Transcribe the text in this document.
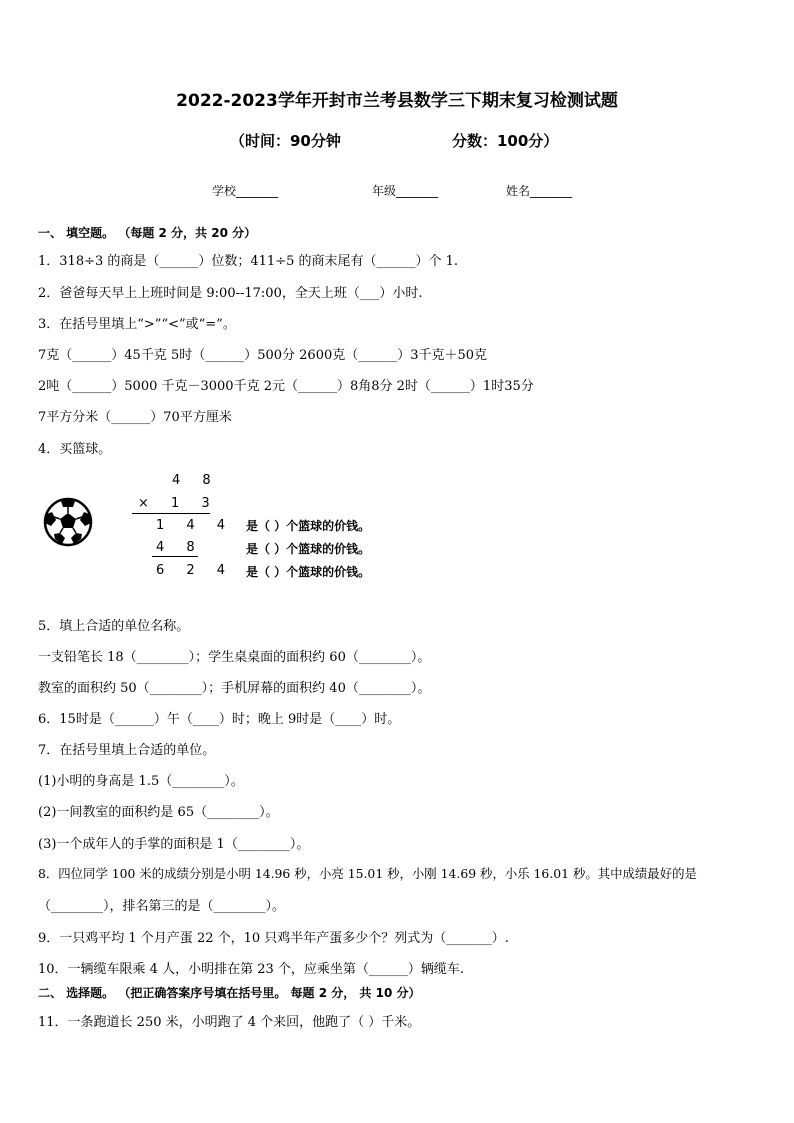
2022-2023学年开封市兰考县数学三下期末复习检测试题
（时间：90分钟	分数：100分）
学校_______	年级_______	姓名_______
一、 填空题。 （每题 2 分，共 20 分）
1．318÷3 的商是（______）位数；411÷5 的商末尾有（______）个 1.
2．爸爸每天早上上班时间是 9:00--17:00，全天上班（___）小时.
3．在括号里填上“>”“<”或“=”。
7克（______）45千克 5时（______）500分 2600克（______）3千克＋50克
2吨（______）5000 千克－3000千克 2元（______）8角8分 2时（______）1时35分
7平方分米（______）70平方厘米
4．买篮球。
4 8
× 1 3
1 4 4
4 8
6 2 4
是（ ）个篮球的价钱。
是（ ）个篮球的价钱。
是（ ）个篮球的价钱。
5．填上合适的单位名称。
一支铅笔长 18（________）；学生桌桌面的面积约 60（________）。
教室的面积约 50（________）；手机屏幕的面积约 40（________）。
6．15时是（______）午（____）时；晚上 9时是（____）时。
7．在括号里填上合适的单位。
(1)小明的身高是 1.5（________）。
(2)一间教室的面积约是 65（________）。
(3)一个成年人的手掌的面积是 1（________）。
8．四位同学 100 米的成绩分别是小明 14.96 秒，小亮 15.01 秒，小刚 14.69 秒，小乐 16.01 秒。其中成绩最好的是
（________），排名第三的是（________）。
9．一只鸡平均 1 个月产蛋 22 个，10 只鸡半年产蛋多少个？列式为（_______）.
10．一辆缆车限乘 4 人，小明排在第 23 个，应乘坐第（______）辆缆车.
二、 选择题。 （把正确答案序号填在括号里。 每题 2 分， 共 10 分）
11．一条跑道长 250 米，小明跑了 4 个来回，他跑了（ ）千米。
